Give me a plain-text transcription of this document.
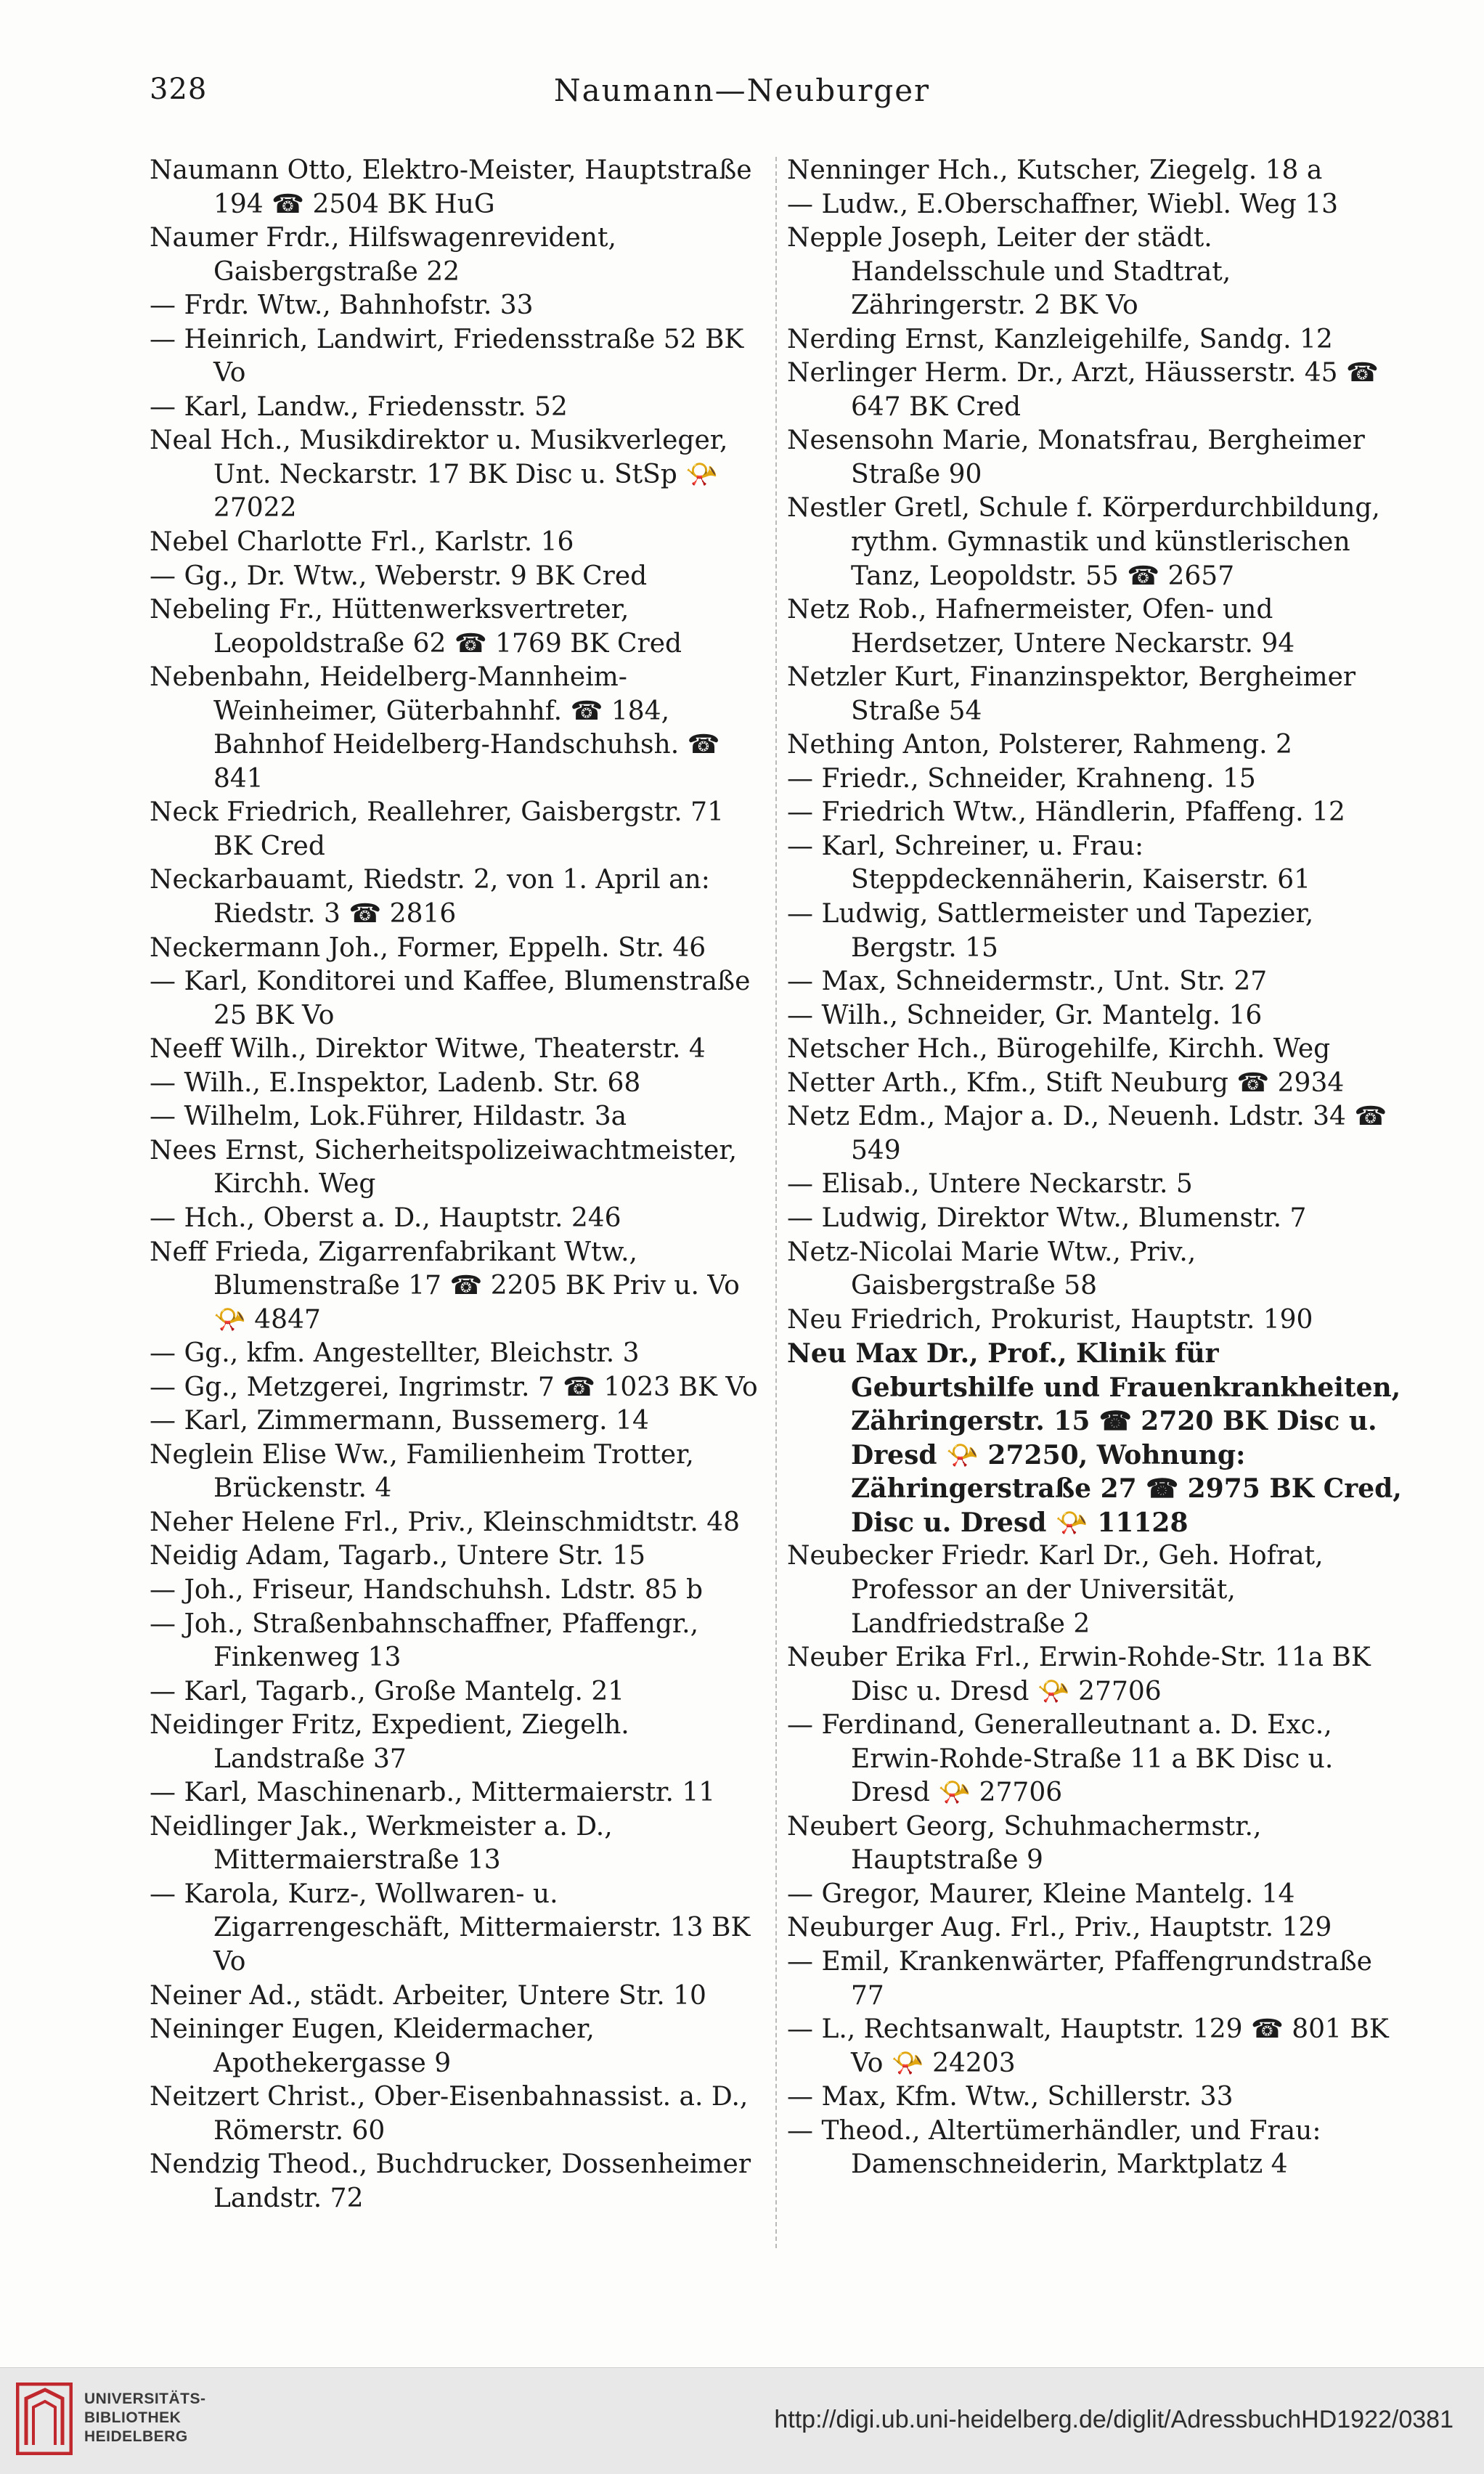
328	Naumann—Neuburger
Naumann Otto, Elektro-Meister, Hauptstraße 194 ☎ 2504 BK HuG
Naumer Frdr., Hilfswagenrevident, Gaisbergstraße 22
— Frdr. Wtw., Bahnhofstr. 33
— Heinrich, Landwirt, Friedensstraße 52 BK Vo
— Karl, Landw., Friedensstr. 52
Neal Hch., Musikdirektor u. Musikverleger, Unt. Neckarstr. 17 BK Disc u. StSp 📯 27022
Nebel Charlotte Frl., Karlstr. 16
— Gg., Dr. Wtw., Weberstr. 9 BK Cred
Nebeling Fr., Hüttenwerksvertreter, Leopoldstraße 62 ☎ 1769 BK Cred
Nebenbahn, Heidelberg-Mannheim-Weinheimer, Güterbahnhf. ☎ 184, Bahnhof Heidelberg-Handschuhsh. ☎ 841
Neck Friedrich, Reallehrer, Gaisbergstr. 71 BK Cred
Neckarbauamt, Riedstr. 2, von 1. April an: Riedstr. 3 ☎ 2816
Neckermann Joh., Former, Eppelh. Str. 46
— Karl, Konditorei und Kaffee, Blumenstraße 25 BK Vo
Neeff Wilh., Direktor Witwe, Theaterstr. 4
— Wilh., E.Inspektor, Ladenb. Str. 68
— Wilhelm, Lok.Führer, Hildastr. 3a
Nees Ernst, Sicherheitspolizeiwachtmeister, Kirchh. Weg
— Hch., Oberst a. D., Hauptstr. 246
Neff Frieda, Zigarrenfabrikant Wtw., Blumenstraße 17 ☎ 2205 BK Priv u. Vo 📯 4847
— Gg., kfm. Angestellter, Bleichstr. 3
— Gg., Metzgerei, Ingrimstr. 7 ☎ 1023 BK Vo
— Karl, Zimmermann, Bussemerg. 14
Neglein Elise Ww., Familienheim Trotter, Brückenstr. 4
Neher Helene Frl., Priv., Kleinschmidtstr. 48
Neidig Adam, Tagarb., Untere Str. 15
— Joh., Friseur, Handschuhsh. Ldstr. 85 b
— Joh., Straßenbahnschaffner, Pfaffengr., Finkenweg 13
— Karl, Tagarb., Große Mantelg. 21
Neidinger Fritz, Expedient, Ziegelh. Landstraße 37
— Karl, Maschinenarb., Mittermaierstr. 11
Neidlinger Jak., Werkmeister a. D., Mittermaierstraße 13
— Karola, Kurz-, Wollwaren- u. Zigarrengeschäft, Mittermaierstr. 13 BK Vo
Neiner Ad., städt. Arbeiter, Untere Str. 10
Neininger Eugen, Kleidermacher, Apothekergasse 9
Neitzert Christ., Ober-Eisenbahnassist. a. D., Römerstr. 60
Nendzig Theod., Buchdrucker, Dossenheimer Landstr. 72
Nenninger Hch., Kutscher, Ziegelg. 18 a
— Ludw., E.Oberschaffner, Wiebl. Weg 13
Nepple Joseph, Leiter der städt. Handelsschule und Stadtrat, Zähringerstr. 2 BK Vo
Nerding Ernst, Kanzleigehilfe, Sandg. 12
Nerlinger Herm. Dr., Arzt, Häusserstr. 45 ☎ 647 BK Cred
Nesensohn Marie, Monatsfrau, Bergheimer Straße 90
Nestler Gretl, Schule f. Körperdurchbildung, rythm. Gymnastik und künstlerischen Tanz, Leopoldstr. 55 ☎ 2657
Netz Rob., Hafnermeister, Ofen- und Herdsetzer, Untere Neckarstr. 94
Netzler Kurt, Finanzinspektor, Bergheimer Straße 54
Nething Anton, Polsterer, Rahmeng. 2
— Friedr., Schneider, Krahneng. 15
— Friedrich Wtw., Händlerin, Pfaffeng. 12
— Karl, Schreiner, u. Frau: Steppdeckennäherin, Kaiserstr. 61
— Ludwig, Sattlermeister und Tapezier, Bergstr. 15
— Max, Schneidermstr., Unt. Str. 27
— Wilh., Schneider, Gr. Mantelg. 16
Netscher Hch., Bürogehilfe, Kirchh. Weg
Netter Arth., Kfm., Stift Neuburg ☎ 2934
Netz Edm., Major a. D., Neuenh. Ldstr. 34 ☎ 549
— Elisab., Untere Neckarstr. 5
— Ludwig, Direktor Wtw., Blumenstr. 7
Netz-Nicolai Marie Wtw., Priv., Gaisbergstraße 58
Neu Friedrich, Prokurist, Hauptstr. 190
Neu Max Dr., Prof., Klinik für Geburtshilfe und Frauenkrankheiten, Zähringerstr. 15 ☎ 2720 BK Disc u. Dresd 📯 27250, Wohnung: Zähringerstraße 27 ☎ 2975 BK Cred, Disc u. Dresd 📯 11128
Neubecker Friedr. Karl Dr., Geh. Hofrat, Professor an der Universität, Landfriedstraße 2
Neuber Erika Frl., Erwin-Rohde-Str. 11a BK Disc u. Dresd 📯 27706
— Ferdinand, Generalleutnant a. D. Exc., Erwin-Rohde-Straße 11 a BK Disc u. Dresd 📯 27706
Neubert Georg, Schuhmachermstr., Hauptstraße 9
— Gregor, Maurer, Kleine Mantelg. 14
Neuburger Aug. Frl., Priv., Hauptstr. 129
— Emil, Krankenwärter, Pfaffengrundstraße 77
— L., Rechtsanwalt, Hauptstr. 129 ☎ 801 BK Vo 📯 24203
— Max, Kfm. Wtw., Schillerstr. 33
— Theod., Altertümerhändler, und Frau: Damenschneiderin, Marktplatz 4
UNIVERSITÄTS-
BIBLIOTHEK
HEIDELBERG
http://digi.ub.uni-heidelberg.de/diglit/AdressbuchHD1922/0381
